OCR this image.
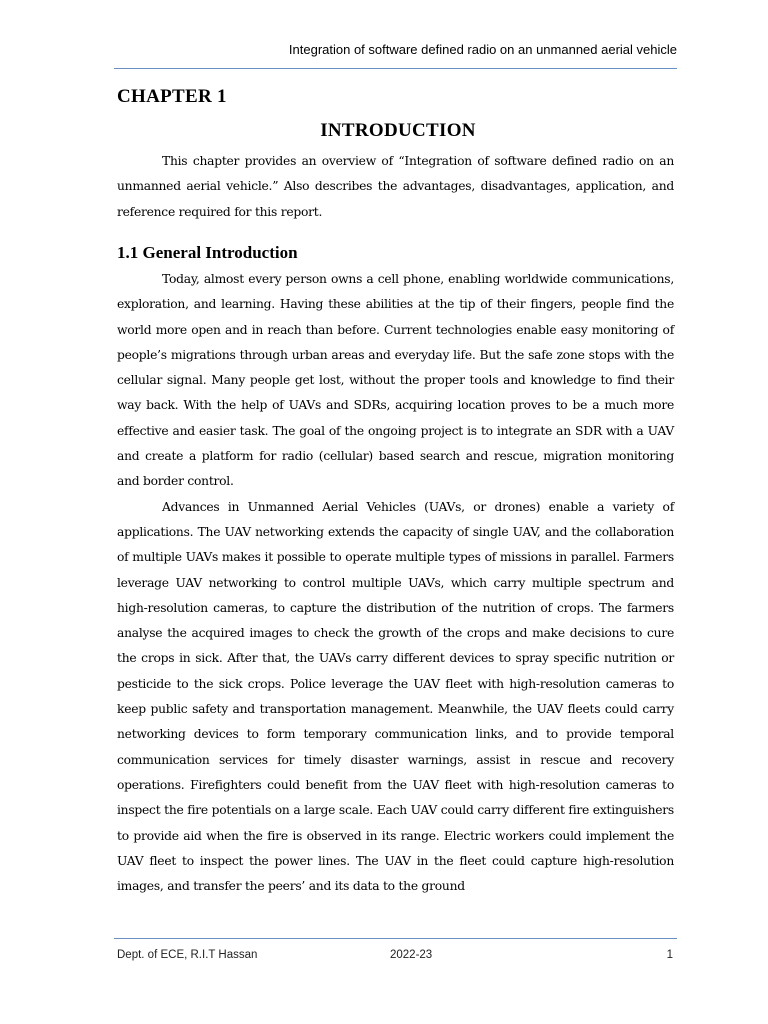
Integration of software defined radio on an unmanned aerial vehicle
CHAPTER 1
INTRODUCTION

This chapter provides an overview of “Integration of software defined radio on an unmanned aerial vehicle.” Also describes the advantages, disadvantages, application, and reference required for this report.

1.1 General Introduction

Today, almost every person owns a cell phone, enabling worldwide communications, exploration, and learning. Having these abilities at the tip of their fingers, people find the world more open and in reach than before. Current technologies enable easy monitoring of people’s migrations through urban areas and everyday life. But the safe zone stops with the cellular signal. Many people get lost, without the proper tools and knowledge to find their way back. With the help of UAVs and SDRs, acquiring location proves to be a much more effective and easier task. The goal of the ongoing project is to integrate an SDR with a UAV and create a platform for radio (cellular) based search and rescue, migration monitoring and border control.

Advances in Unmanned Aerial Vehicles (UAVs, or drones) enable a variety of applications. The UAV networking extends the capacity of single UAV, and the collaboration of multiple UAVs makes it possible to operate multiple types of missions in parallel. Farmers leverage UAV networking to control multiple UAVs, which carry multiple spectrum and high-resolution cameras, to capture the distribution of the nutrition of crops. The farmers analyse the acquired images to check the growth of the crops and make decisions to cure the crops in sick. After that, the UAVs carry different devices to spray specific nutrition or pesticide to the sick crops. Police leverage the UAV fleet with high-resolution cameras to keep public safety and transportation management. Meanwhile, the UAV fleets could carry networking devices to form temporary communication links, and to provide temporal communication services for timely disaster warnings, assist in rescue and recovery operations. Firefighters could benefit from the UAV fleet with high-resolution cameras to inspect the fire potentials on a large scale. Each UAV could carry different fire extinguishers to provide aid when the fire is observed in its range. Electric workers could implement the UAV fleet to inspect the power lines. The UAV in the fleet could capture high-resolution images, and transfer the peers’ and its data to the ground

Dept. of ECE, R.I.T Hassan	2022-23	1
